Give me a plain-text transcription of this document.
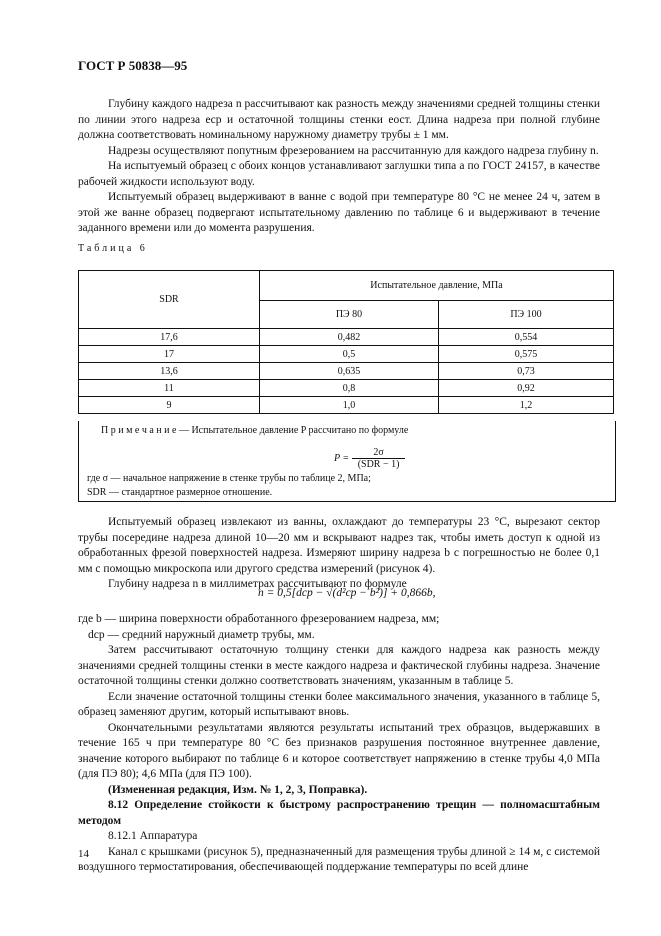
ГОСТ Р 50838—95

Глубину каждого надреза n рассчитывают как разность между значениями средней толщины стенки по линии этого надреза eср и остаточной толщины стенки eост. Длина надреза при полной глубине должна соответствовать номинальному наружному диаметру трубы ± 1 мм.

Надрезы осуществляют попутным фрезерованием на рассчитанную для каждого надреза глубину n.

На испытуемый образец с обоих концов устанавливают заглушки типа а по ГОСТ 24157, в качестве рабочей жидкости используют воду.

Испытуемый образец выдерживают в ванне с водой при температуре 80 °С не менее 24 ч, затем в этой же ванне образец подвергают испытательному давлению по таблице 6 и выдерживают в течение заданного времени или до момента разрушения.

Таблица 6
SDR	Испытательное давление, МПа	
	ПЭ 80	ПЭ 100
17,6	0,482	0,554
17	0,5	0,575
13,6	0,635	0,73
11	0,8	0,92
9	1,0	1,2
П р и м е ч а н и е — Испытательное давление P рассчитано по формуле
$P = \frac{2\sigma}{\text{(SDR − 1)}}$
где σ — начальное напряжение в стенке трубы по таблице 2, МПа;
SDR — стандартное размерное отношение.

Испытуемый образец извлекают из ванны, охлаждают до температуры 23 °С, вырезают сектор трубы посередине надреза длиной 10—20 мм и вскрывают надрез так, чтобы иметь доступ к одной из обработанных фрезой поверхностей надреза. Измеряют ширину надреза b с погрешностью не более 0,1 мм с помощью микроскопа или другого средства измерений (рисунок 4).

Глубину надреза n в миллиметрах рассчитывают по формуле

n = 0,5[dср − √(d²ср − b²)] + 0,866b,

где b — ширина поверхности обработанного фрезерованием надреза, мм;

dср — средний наружный диаметр трубы, мм.

Затем рассчитывают остаточную толщину стенки для каждого надреза как разность между значениями средней толщины стенки в месте каждого надреза и фактической глубины надреза. Значение остаточной толщины стенки должно соответствовать значениям, указанным в таблице 5.

Если значение остаточной толщины стенки более максимального значения, указанного в таблице 5, образец заменяют другим, который испытывают вновь.

Окончательными результатами являются результаты испытаний трех образцов, выдержавших в течение 165 ч при температуре 80 °С без признаков разрушения постоянное внутреннее давление, значение которого выбирают по таблице 6 и которое соответствует напряжению в стенке трубы 4,0 МПа (для ПЭ 80); 4,6 МПа (для ПЭ 100).

(Измененная редакция, Изм. № 1, 2, 3, Поправка).

8.12 Определение стойкости к быстрому распространению трещин — полномасштабным методом

8.12.1 Аппаратура

Канал с крышками (рисунок 5), предназначенный для размещения трубы длиной ≥ 14 м, с системой воздушного термостатирования, обеспечивающей поддержание температуры по всей длине

14
